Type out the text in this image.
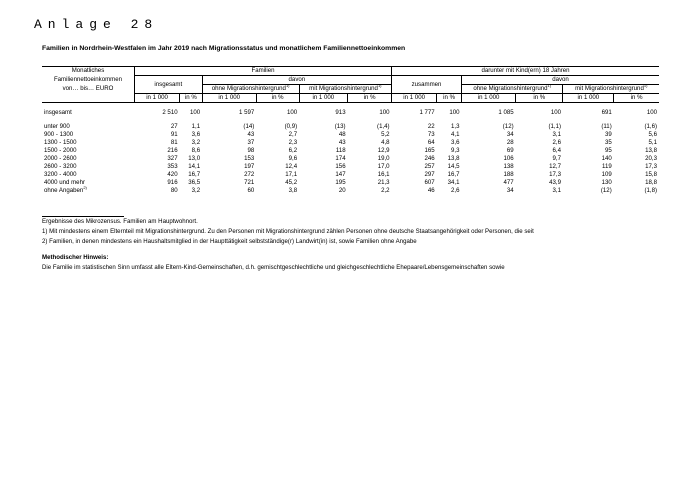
Anlage 28
Familien in Nordrhein-Westfalen im Jahr 2019 nach Migrationsstatus und monatlichem Familiennettoeinkommen
Monatliches	Familien						darunter mit Kind(ern) 18 Jahren					
Familiennettoeinkommen	insgesamt		davon				zusammen		davon			
von… bis… EURO			ohne Migrationshintergrund$^{1)}$		mit Migrationshintergrund$^{1)}$				ohne Migrationshintergrund$^{1)}$		mit Migrationshintergrund$^{1)}$
	in 1 000	in %	in 1 000	in %	in 1 000	in %	in 1 000	in %	in 1 000	in %	in 1 000	in %

insgesamt	2 510	100	1 597	100	913	100	1 777	100	1 085	100	691	100

unter 900	27	1,1	(14)	(0,9)	(13)	(1,4)	22	1,3	(12)	(1,1)	(11)	(1,6)
900 - 1300	91	3,6	43	2,7	48	5,2	73	4,1	34	3,1	39	5,6
1300 - 1500	81	3,2	37	2,3	43	4,8	64	3,6	28	2,6	35	5,1
1500 - 2000	216	8,6	98	6,2	118	12,9	165	9,3	69	6,4	95	13,8
2000 - 2600	327	13,0	153	9,6	174	19,0	246	13,8	106	9,7	140	20,3
2600 - 3200	353	14,1	197	12,4	156	17,0	257	14,5	138	12,7	119	17,3
3200 - 4000	420	16,7	272	17,1	147	16,1	297	16,7	188	17,3	109	15,8
4000 und mehr	916	36,5	721	45,2	195	21,3	607	34,1	477	43,9	130	18,8
ohne Angaben$^{2)}$	80	3,2	60	3,8	20	2,2	46	2,6	34	3,1	(12)	(1,8)
Ergebnisse des Mikrozensus. Familien am Hauptwohnort.
1) Mit mindestens einem Elternteil mit Migrationshintergrund. Zu den Personen mit Migrationshintergrund zählen Personen ohne deutsche Staatsangehörigkeit oder Personen, die seit
2) Familien, in denen mindestens ein Haushaltsmitglied in der Haupttätigkeit selbstständige(r) Landwirt(in) ist, sowie Familien ohne Angabe
Methodischer Hinweis:
Die Familie im statistischen Sinn umfasst alle Eltern-Kind-Gemeinschaften, d.h. gemischtgeschlechtliche und gleichgeschlechtliche Ehepaare/Lebensgemeinschaften sowie
